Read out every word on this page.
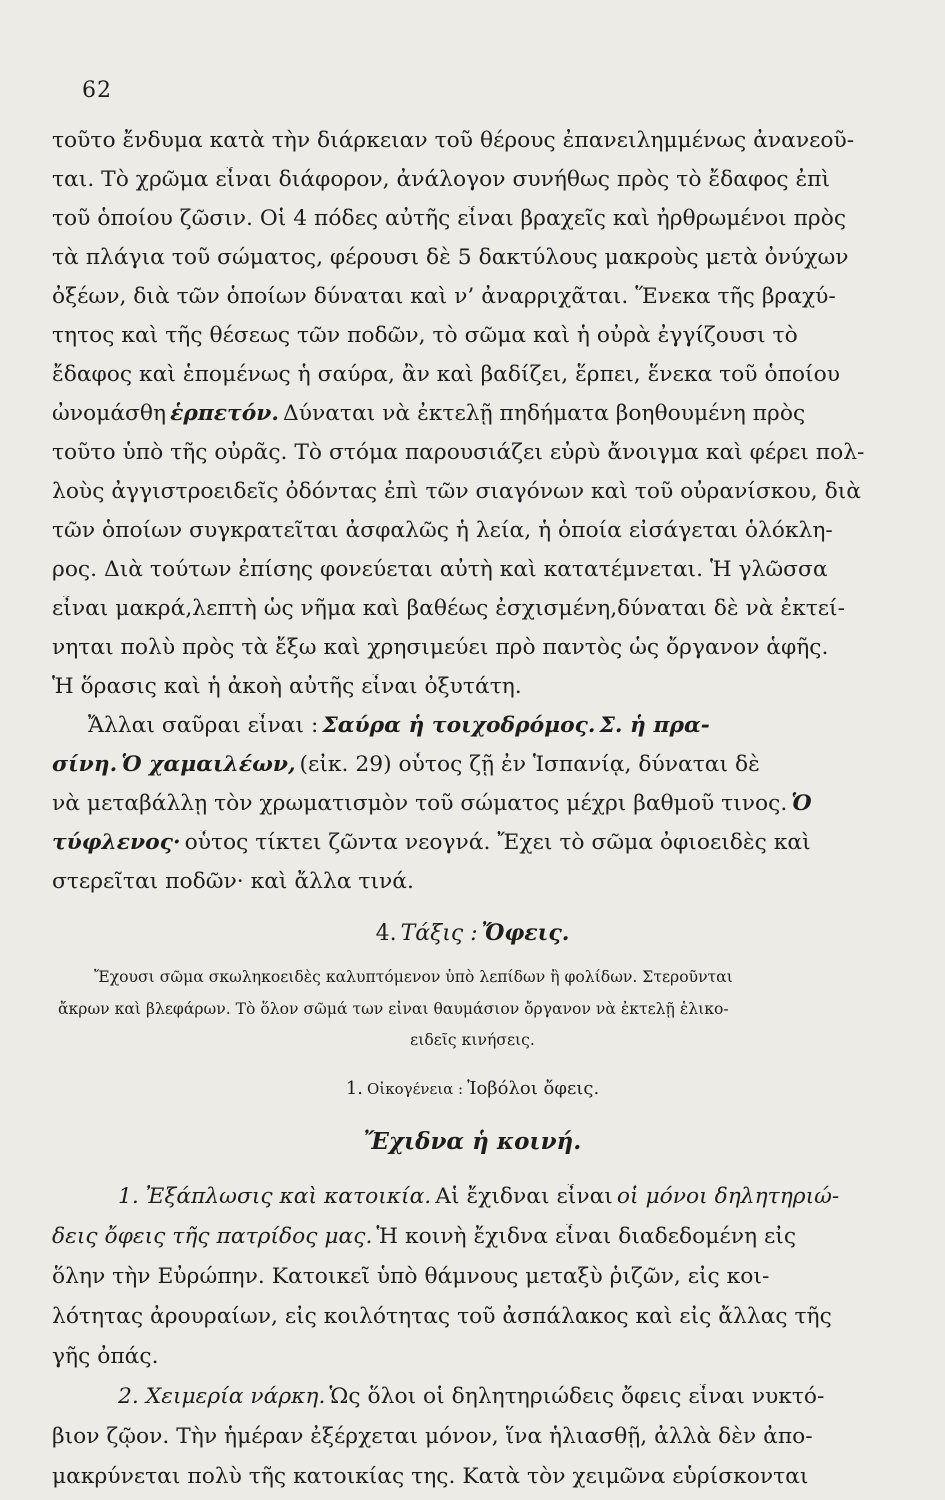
62
τοῦτο ἔνδυμα κατὰ τὴν διάρκειαν τοῦ θέρους ἐπανειλημμένως ἀνανεοῦ-
ται. Τὸ χρῶμα εἶναι διάφορον, ἀνάλογον συνήθως πρὸς τὸ ἔδαφος ἐπὶ
τοῦ ὁποίου ζῶσιν. Οἱ 4 πόδες αὐτῆς εἶναι βραχεῖς καὶ ἠρθρωμένοι πρὸς
τὰ πλάγια τοῦ σώματος, φέρουσι δὲ 5 δακτύλους μακροὺς μετὰ ὀνύχων
ὀξέων, διὰ τῶν ὁποίων δύναται καὶ ν’ ἀναρριχᾶται. Ἕνεκα τῆς βραχύ-
τητος καὶ τῆς θέσεως τῶν ποδῶν, τὸ σῶμα καὶ ἡ οὐρὰ ἐγγίζουσι τὸ
ἔδαφος καὶ ἑπομένως ἡ σαύρα, ἂν καὶ βαδίζει, ἕρπει, ἕνεκα τοῦ ὁποίου
ὠνομάσθη ἑρπετόν. Δύναται νὰ ἐκτελῇ πηδήματα βοηθουμένη πρὸς
τοῦτο ὑπὸ τῆς οὐρᾶς. Τὸ στόμα παρουσιάζει εὐρὺ ἄνοιγμα καὶ φέρει πολ-
λοὺς ἀγγιστροειδεῖς ὀδόντας ἐπὶ τῶν σιαγόνων καὶ τοῦ οὐρανίσκου, διὰ
τῶν ὁποίων συγκρατεῖται ἀσφαλῶς ἡ λεία, ἡ ὁποία εἰσάγεται ὁλόκλη-
ρος. Διὰ τούτων ἐπίσης φονεύεται αὐτὴ καὶ κατατέμνεται. Ἡ γλῶσσα
εἶναι μακρά,λεπτὴ ὡς νῆμα καὶ βαθέως ἐσχισμένη,δύναται δὲ νὰ ἐκτεί-
νηται πολὺ πρὸς τὰ ἔξω καὶ χρησιμεύει πρὸ παντὸς ὡς ὄργανον ἁφῆς.
Ἡ ὅρασις καὶ ἡ ἀκοὴ αὐτῆς εἶναι ὀξυτάτη.
Ἄλλαι σαῦραι εἶναι : Σαύρα ἡ τοιχοδρόμος. Σ. ἡ πρα-
σίνη. Ὁ χαμαιλέων, (εἰκ. 29) οὗτος ζῇ ἐν Ἱσπανίᾳ, δύναται δὲ
νὰ μεταβάλλῃ τὸν χρωματισμὸν τοῦ σώματος μέχρι βαθμοῦ τινος. Ὁ
τύφλενος· οὗτος τίκτει ζῶντα νεογνά. Ἔχει τὸ σῶμα ὀφιοειδὲς καὶ
στερεῖται ποδῶν· καὶ ἄλλα τινά.
4. Τάξις : Ὄφεις.
Ἔχουσι σῶμα σκωληκοειδὲς καλυπτόμενον ὑπὸ λεπίδων ἢ φολίδων. Στεροῦνται
ἄκρων καὶ βλεφάρων. Τὸ ὅλον σῶμά των εἶναι θαυμάσιον ὄργανον νὰ ἐκτελῇ ἑλικο-
ειδεῖς κινήσεις.
1. Οἰκογένεια : Ἰοβόλοι ὄφεις.
Ἔχιδνα ἡ κοινή.
1. Ἐξάπλωσις καὶ κατοικία. Αἱ ἔχιδναι εἶναι οἱ μόνοι δηλητηριώ-
δεις ὄφεις τῆς πατρίδος μας. Ἡ κοινὴ ἔχιδνα εἶναι διαδεδομένη εἰς
ὅλην τὴν Εὐρώπην. Κατοικεῖ ὑπὸ θάμνους μεταξὺ ῥιζῶν, εἰς κοι-
λότητας ἀρουραίων, εἰς κοιλότητας τοῦ ἀσπάλακος καὶ εἰς ἄλλας τῆς
γῆς ὀπάς.
2. Χειμερία νάρκη. Ὡς ὅλοι οἱ δηλητηριώδεις ὄφεις εἶναι νυκτό-
βιον ζῷον. Τὴν ἡμέραν ἐξέρχεται μόνον, ἵνα ἡλιασθῇ, ἀλλὰ δὲν ἀπο-
μακρύνεται πολὺ τῆς κατοικίας της. Κατὰ τὸν χειμῶνα εὑρίσκονται
